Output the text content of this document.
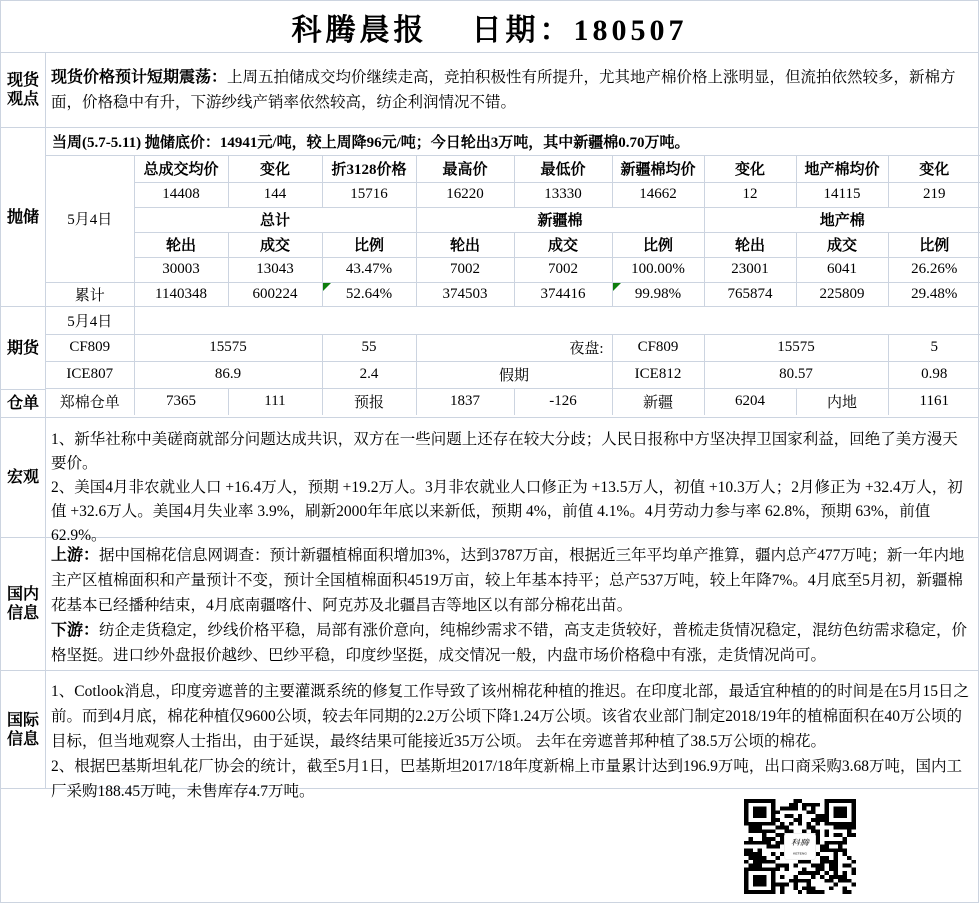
科腾晨报 日期：180507
现货观点

现货价格预计短期震荡：上周五拍储成交均价继续走高，竞拍积极性有所提升，尤其地产棉价格上涨明显，但流拍依然较多，新棉方面，价格稳中有升，下游纱线产销率依然较高，纺企利润情况不错。

抛储
当周(5.7-5.11) 抛储底价：14941元/吨，较上周降96元/吨；今日轮出3万吨，其中新疆棉0.70万吨。									
5月4日	总成交均价	变化	折3128价格	最高价	最低价	新疆棉均价	变化	地产棉均价	变化
	14408	144	15716	16220	13330	14662	12	14115	219
	总计			新疆棉			地产棉		
	轮出	成交	比例	轮出	成交	比例	轮出	成交	比例
	30003	13043	43.47%	7002	7002	100.00%	23001	6041	26.26%
累计	1140348	600224	52.64%	374503	374416	99.98%	765874	225809	29.48%
期货
仓单
5月4日									
CF809	15575		55	夜盘:		CF809	15575		5
ICE807	86.9		2.4	假期		ICE812	80.57		0.98
郑棉仓单	7365	111	预报	1837	-126	新疆	6204	内地	1161
宏观

1、新华社称中美磋商就部分问题达成共识，双方在一些问题上还存在较大分歧；人民日报称中方坚决捍卫国家利益，回绝了美方漫天要价。

2、美国4月非农就业人口 +16.4万人，预期 +19.2万人。3月非农就业人口修正为 +13.5万人，初值 +10.3万人；2月修正为 +32.4万人，初值 +32.6万人。美国4月失业率 3.9%，刷新2000年年底以来新低，预期 4%，前值 4.1%。4月劳动力参与率 62.8%，预期 63%，前值 62.9%。

国内信息

上游：据中国棉花信息网调查：预计新疆植棉面积增加3%，达到3787万亩，根据近三年平均单产推算，疆内总产477万吨；新一年内地主产区植棉面积和产量预计不变，预计全国植棉面积4519万亩，较上年基本持平；总产537万吨，较上年降7%。4月底至5月初，新疆棉花基本已经播种结束，4月底南疆喀什、阿克苏及北疆昌吉等地区以有部分棉花出苗。

下游：纺企走货稳定，纱线价格平稳，局部有涨价意向，纯棉纱需求不错，高支走货较好，普梳走货情况稳定，混纺色纺需求稳定，价格坚挺。进口纱外盘报价越纱、巴纱平稳，印度纱坚挺，成交情况一般，内盘市场价格稳中有涨，走货情况尚可。

国际信息

1、Cotlook消息，印度旁遮普的主要灌溉系统的修复工作导致了该州棉花种植的推迟。在印度北部，最适宜种植的的时间是在5月15日之前。而到4月底，棉花种植仅9600公顷，较去年同期的2.2万公顷下降1.24万公顷。该省农业部门制定2018/19年的植棉面积在40万公顷的目标，但当地观察人士指出，由于延误，最终结果可能接近35万公顷。 去年在旁遮普邦种植了38.5万公顷的棉花。

2、根据巴基斯坦轧花厂协会的统计，截至5月1日，巴基斯坦2017/18年度新棉上市量累计达到196.9万吨，出口商采购3.68万吨，国内工厂采购188.45万吨，未售库存4.7万吨。

科腾
KETENG
